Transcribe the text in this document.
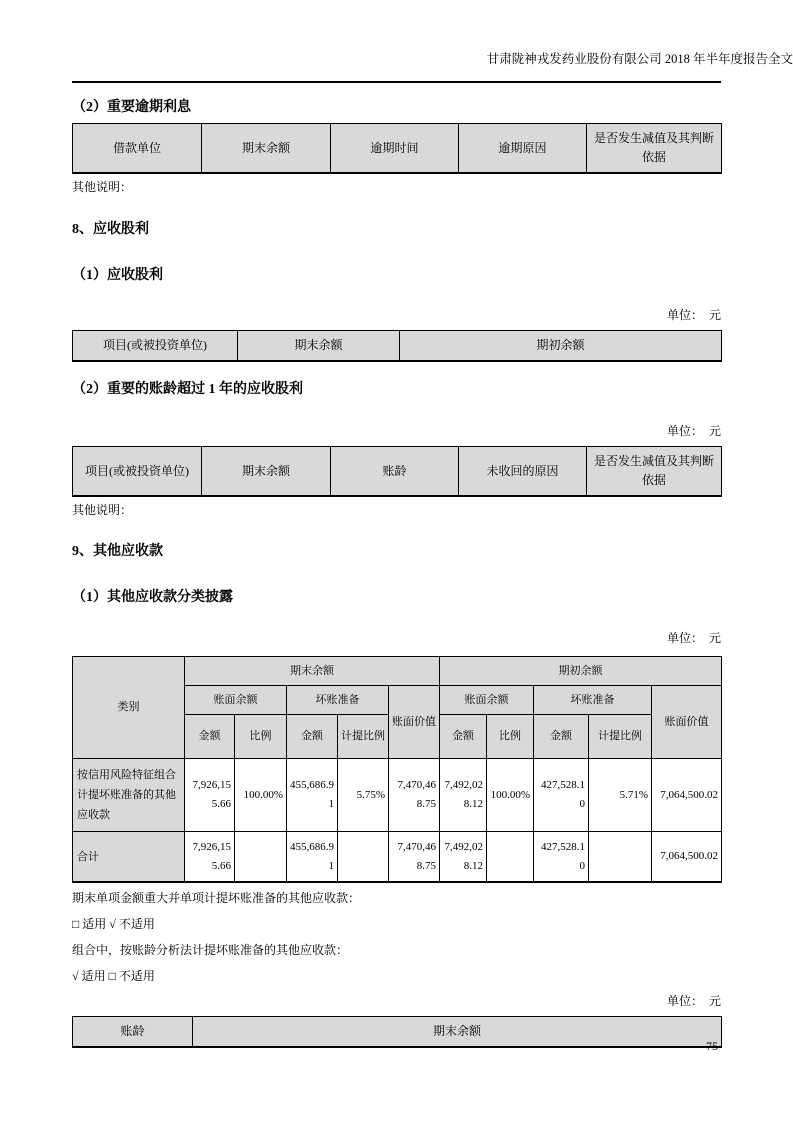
甘肃陇神戎发药业股份有限公司 2018 年半年度报告全文
（2）重要逾期利息
借款单位	期末余额	逾期时间	逾期原因	是否发生减值及其判断依据
其他说明：
8、应收股利
（1）应收股利
单位：　元
项目(或被投资单位)	期末余额	期初余额
（2）重要的账龄超过 1 年的应收股利
单位：　元
项目(或被投资单位)	期末余额	账龄	未收回的原因	是否发生减值及其判断依据
其他说明：
9、其他应收款
（1）其他应收款分类披露
单位：　元
类别	期末余额					期初余额				
	账面余额		坏账准备		账面价值	账面余额		坏账准备		账面价值
	金额	比例	金额	计提比例		金额	比例	金额	计提比例	
按信用风险特征组合计提坏账准备的其他应收款	7,926,155.66	100.00%	455,686.91	5.75%	7,470,468.75	7,492,028.12	100.00%	427,528.10	5.71%	7,064,500.02
合计	7,926,155.66		455,686.91		7,470,468.75	7,492,028.12		427,528.10		7,064,500.02
期末单项金额重大并单项计提坏账准备的其他应收款：
□ 适用 √ 不适用
组合中，按账龄分析法计提坏账准备的其他应收款：
√ 适用 □ 不适用
单位：　元
账龄	期末余额
75
